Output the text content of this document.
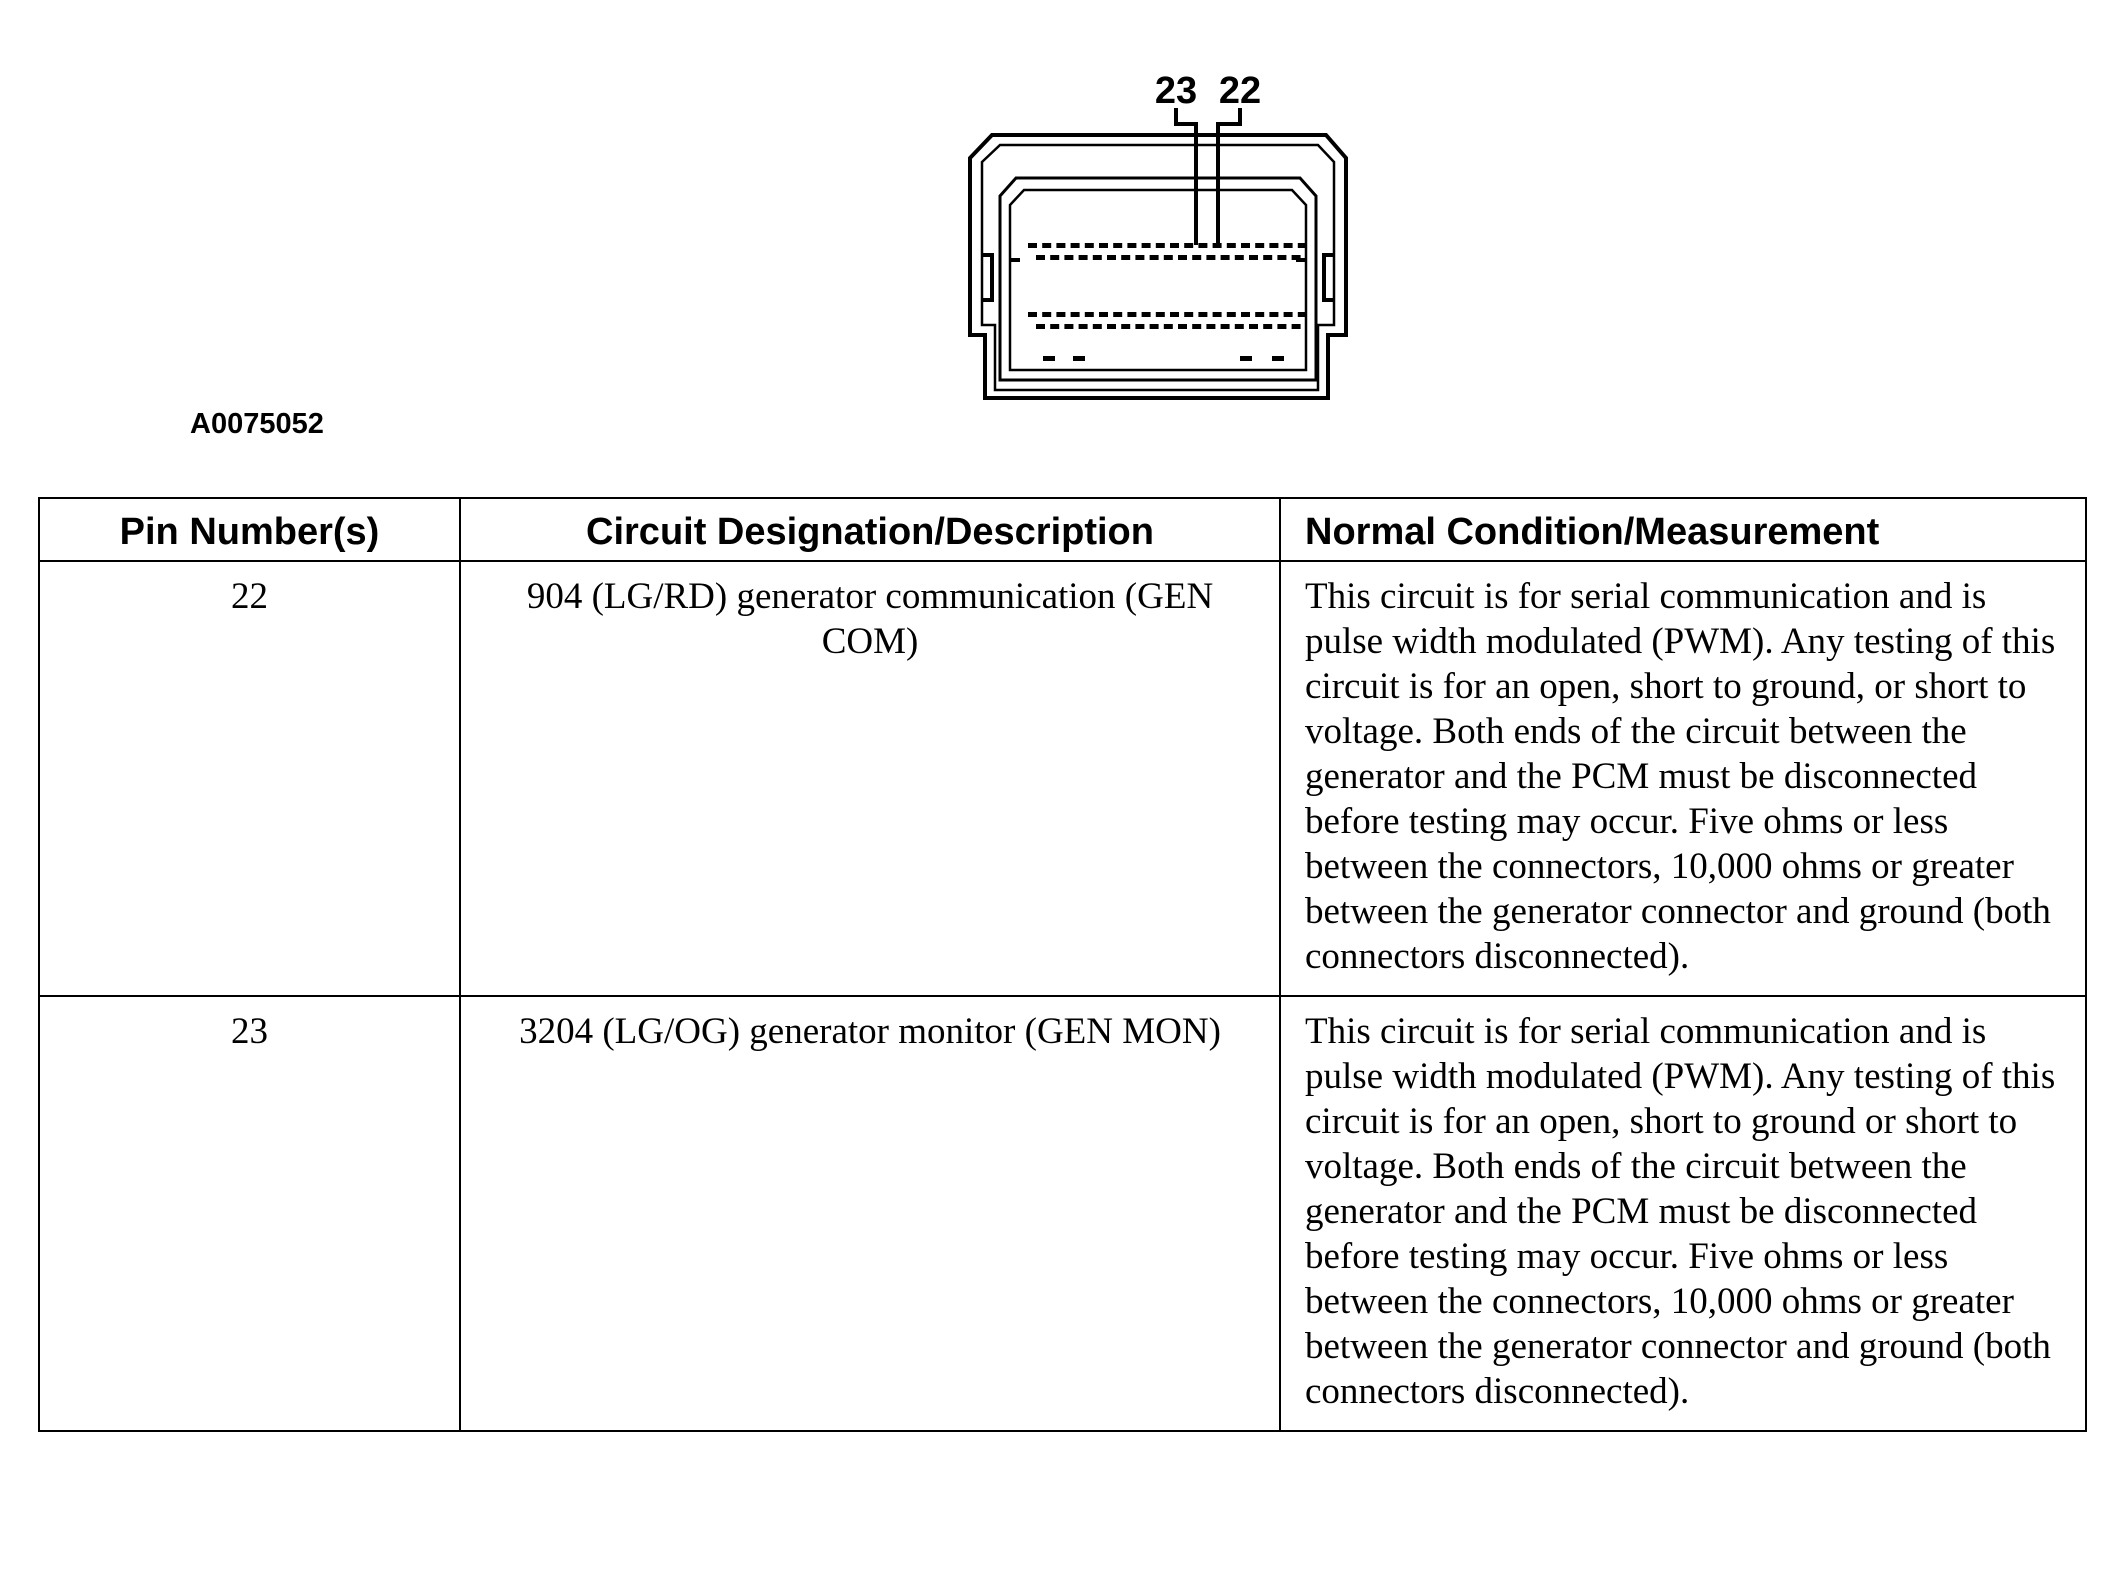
23 22
A0075052
Pin Number(s)	Circuit Designation/Description	Normal Condition/Measurement
22	904 (LG/RD) generator communication (GEN COM)	This circuit is for serial communication and is pulse width modulated (PWM). Any testing of this circuit is for an open, short to ground, or short to voltage. Both ends of the circuit between the generator and the PCM must be disconnected before testing may occur. Five ohms or less between the connectors, 10,000 ohms or greater between the generator connector and ground (both connectors disconnected).
23	3204 (LG/OG) generator monitor (GEN MON)	This circuit is for serial communication and is pulse width modulated (PWM). Any testing of this circuit is for an open, short to ground or short to voltage. Both ends of the circuit between the generator and the PCM must be disconnected before testing may occur. Five ohms or less between the connectors, 10,000 ohms or greater between the generator connector and ground (both connectors disconnected).
